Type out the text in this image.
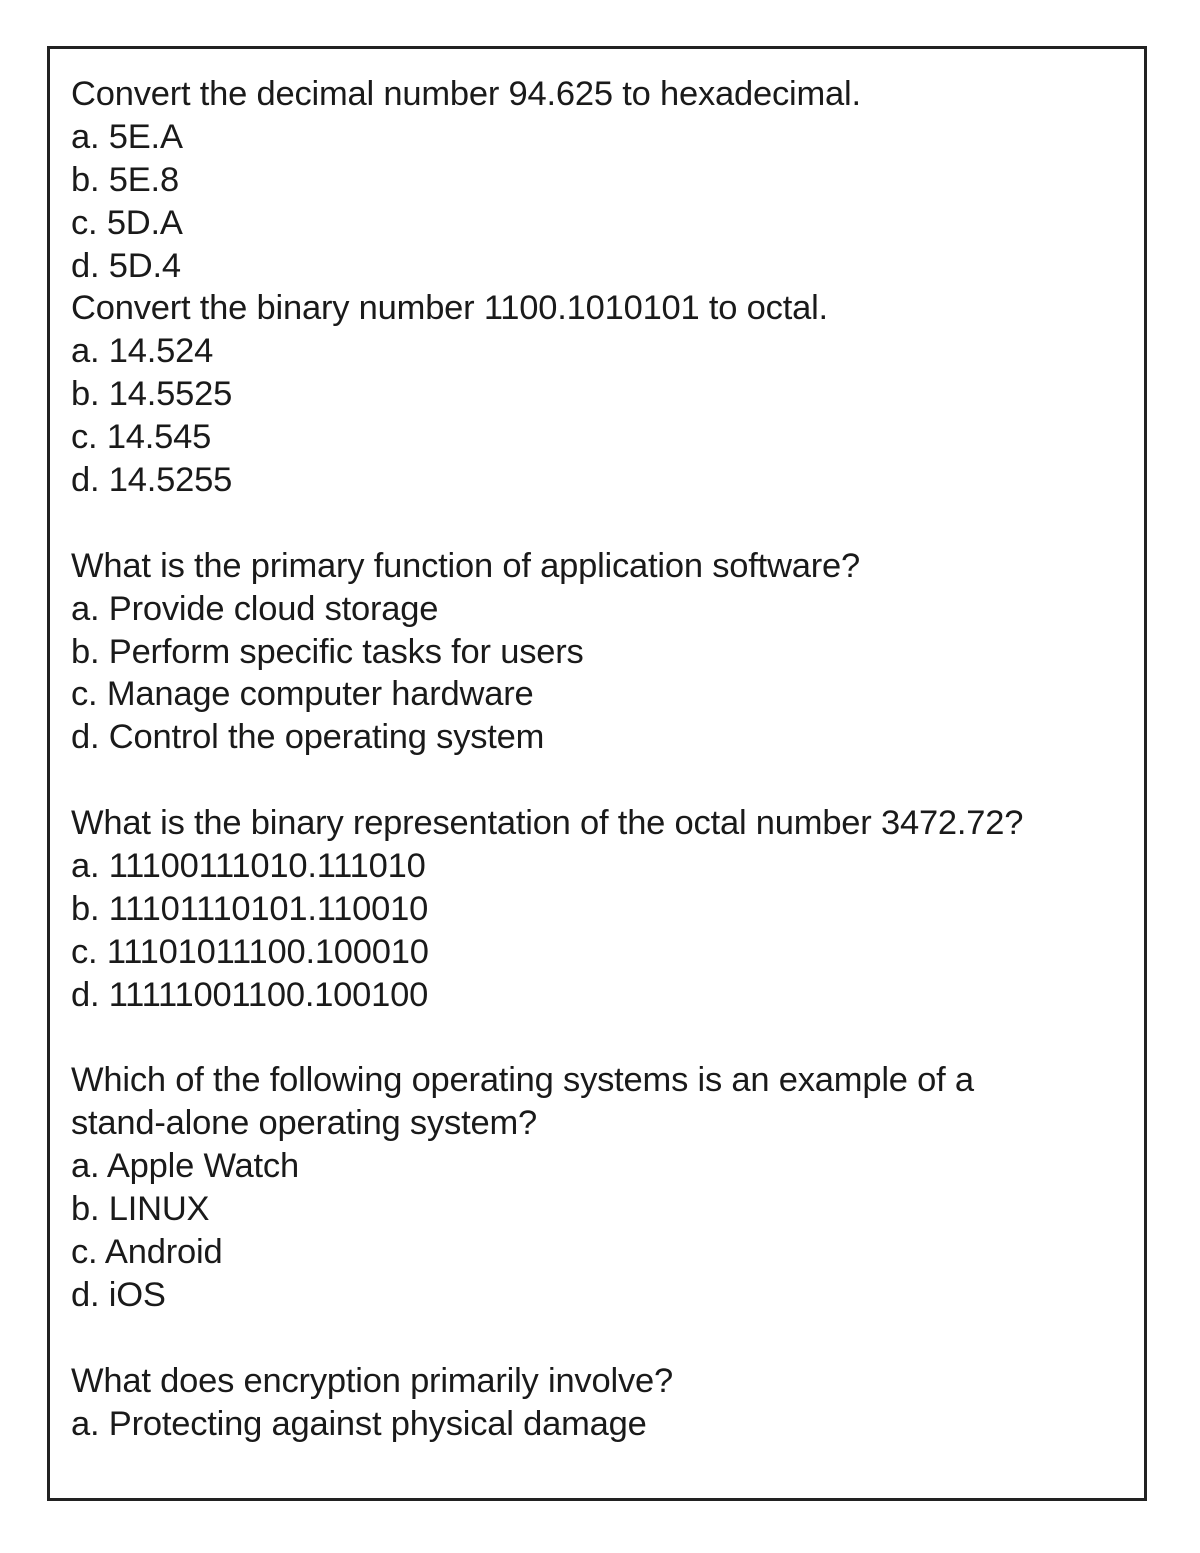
Convert the decimal number 94.625 to hexadecimal.
a. 5E.A
b. 5E.8
c. 5D.A
d. 5D.4
Convert the binary number 1100.1010101 to octal.
a. 14.524
b. 14.5525
c. 14.545
d. 14.5255
What is the primary function of application software?
a. Provide cloud storage
b. Perform specific tasks for users
c. Manage computer hardware
d. Control the operating system
What is the binary representation of the octal number 3472.72?
a. 11100111010.111010
b. 11101110101.110010
c. 11101011100.100010
d. 11111001100.100100
Which of the following operating systems is an example of a
stand-alone operating system?
a. Apple Watch
b. LINUX
c. Android
d. iOS
What does encryption primarily involve?
a. Protecting against physical damage
